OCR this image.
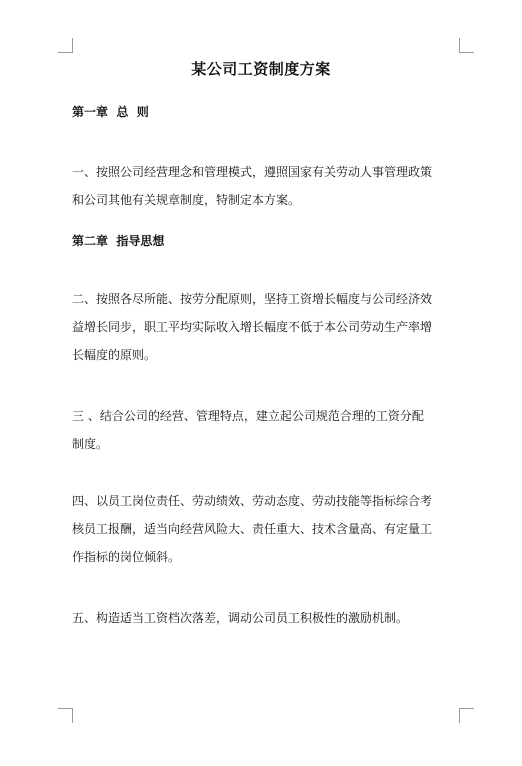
某公司工资制度方案
第一章  总  则
一、按照公司经营理念和管理模式，遵照国家有关劳动人事管理政策
和公司其他有关规章制度，特制定本方案。
第二章  指导思想
二、按照各尽所能、按劳分配原则，坚持工资增长幅度与公司经济效
益增长同步，职工平均实际收入增长幅度不低于本公司劳动生产率增
长幅度的原则。
三 、结合公司的经营、管理特点，建立起公司规范合理的工资分配
制度。
四、以员工岗位责任、劳动绩效、劳动态度、劳动技能等指标综合考
核员工报酬，适当向经营风险大、责任重大、技术含量高、有定量工
作指标的岗位倾斜。
五、构造适当工资档次落差，调动公司员工积极性的激励机制。
